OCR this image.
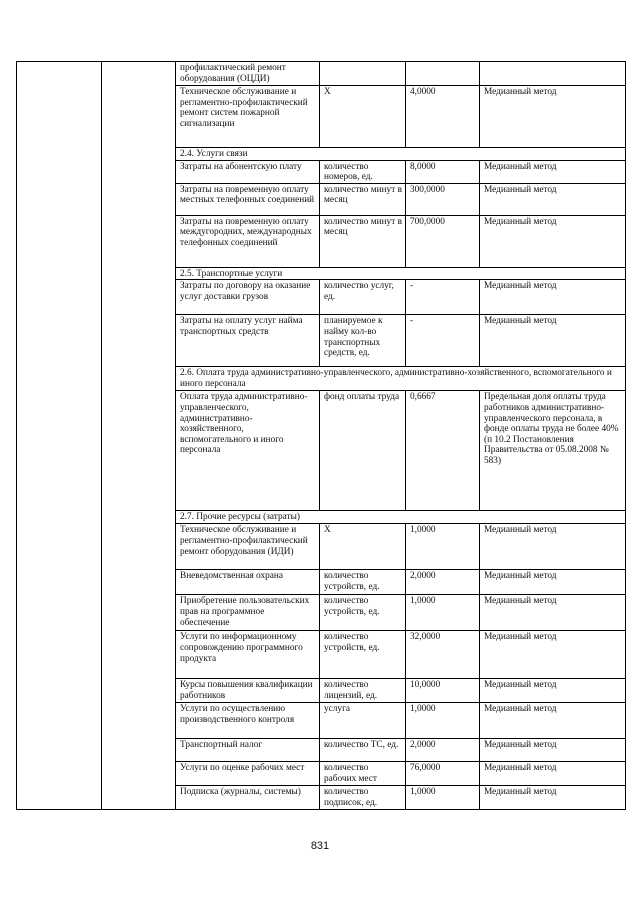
		профилактический ремонт оборудования (ОЦДИ)			
		Техническое обслуживание и регламентно-профилактический ремонт систем пожарной сигнализации	Х	4,0000	Медианный метод
		2.4. Услуги связи			
		Затраты на абонентскую плату	количество номеров, ед.	8,0000	Медианный метод
		Затраты на повременную оплату местных телефонных соединений	количество минут в месяц	300,0000	Медианный метод
		Затраты на повременную оплату междугородних, международных телефонных соединений	количество минут в месяц	700,0000	Медианный метод
		2.5. Транспортные услуги			
		Затраты по договору на оказание услуг доставки грузов	количество услуг, ед.	-	Медианный метод
		Затраты на оплату услуг найма транспортных средств	планируемое к найму кол-во транспортных средств, ед.	-	Медианный метод
		2.6. Оплата труда административно-управленческого, административно-хозяйственного, вспомогательного и иного персонала			
		Оплата труда административно-управленческого, административно-хозяйственного, вспомогательного и иного персонала	фонд оплаты труда	0,6667	Предельная доля оплаты труда работников административно-управленческого персонала, в фонде оплаты труда не более 40% (п 10.2 Постановления Правительства от 05.08.2008 № 583)
		2.7. Прочие ресурсы (затраты)			
		Техническое обслуживание и регламентно-профилактический ремонт оборудования (ИДИ)	Х	1,0000	Медианный метод
		Вневедомственная охрана	количество устройств, ед.	2,0000	Медианный метод
		Приобретение пользовательских прав на программное обеспечение	количество устройств, ед.	1,0000	Медианный метод
		Услуги по информационному сопровождению программного продукта	количество устройств, ед.	32,0000	Медианный метод
		Курсы повышения квалификации работников	количество лицензий, ед.	10,0000	Медианный метод
		Услуги по осуществлению производственного контроля	услуга	1,0000	Медианный метод
		Транспортный налог	количество ТС, ед.	2,0000	Медианный метод
		Услуги по оценке рабочих мест	количество рабочих мест	76,0000	Медианный метод
		Подписка (журналы, системы)	количество подписок, ед.	1,0000	Медианный метод
831
